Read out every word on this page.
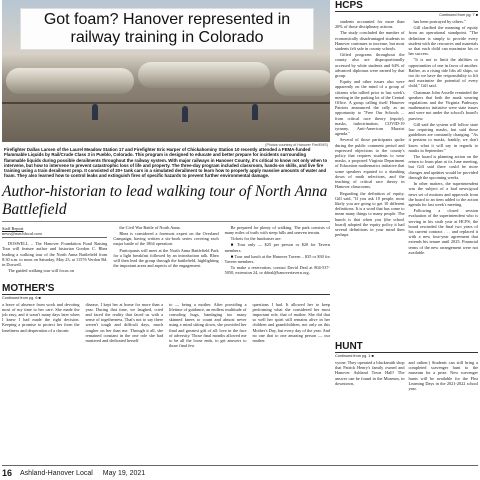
Got foam? Hanover represented in railway training in Colorado
(Photos courtesy of Hanover Fire/EMS)
Firefighter Dallas Larsen of the Laurel Meadow Station 17 and Firefighter Eric Harper of Chickahominy Station 10 recently attended a FEMA-funded Flammable Liquids by Rail/Crude Class 3 in Pueblo, Colorado. This program is designed to educate and better prepare for incidents surrounding flammable liquids during possible derailments throughout the railway system. With major railways in Hanover County, it's critical to know not only when to intervene, but how to intervene to prevent catastrophic loss of life and property. The three-day program included classroom, hands-on skills, and live fire training using a train derailment prop. It consisted of 20+ tank cars in a simulated derailment to learn how to properly apply massive amounts of water and foam. They also learned how to control leaks and extinguish fires of specific hazards to prevent further environmental damage.
Author-historian to lead walking tour of North Anna Battlefield
Staff Report
news@mechlocal.com

DOSWELL – The Hanover Foundation Fund Raising Tour will feature author and historian Gordon C. Rhea leading a walking tour of the North Anna Battlefield from 8:30 a.m. to noon on Saturday, May 23, at 11576 Verdon Rd. in Doswell.

The guided walking tour will focus on

the Civil War Battle of North Anna.

Rhea is considered a foremost expert on the Overland Campaign, having written a six-book series covering each major battle of the 1864 operation.

Participants will meet at the North Anna Battlefield Park for a light breakfast followed by an introduction talk. Rhea will then lead the group through the battlefield, highlighting the important areas and aspects of the engagement.

Be prepared for plenty of walking. The park consists of many miles of trails with steep hills and uneven terrain.

Tickets for the fundraiser are:

■ Tour only — $25 per person or $20 for Tavern members.

■ Tour and lunch at the Hanover Tavern – $35 or $30 for Tavern members.

To make a reservation, contact David Deal at 804-537-5050, extension 24, or ddeal@hanovertavern.org.

MOTHER'S
Continued from pg. 6 ■
a leave of absence from work and devoting most of my time to her care. She made the job easy, and it wasn't many days later when I knew I had made the right decision. Keeping a promise to protect her from the loneliness and desperation of a chronic
disease, I kept her at home for more than a year. During that time, we laughed, cried and faced the reality that faced us with a sense of togetherness. That's not to say there weren't tough and difficult days, much tougher on her than me. Through it all, she remained constant in the one role she had mastered and dedicated herself
to — being a mother. After providing a lifetime of guidance, an endless multitude of consoling hugs, bandaging too many skinned knees to count and almost never using a mind sitting down, she provided her final and greatest gift of all: love in the face of adversity. Those final months allowed me to be all the loose ends, to get answers to those final few
questions I had. It allowed her to keep performing what she considered her most important role, that of mother. She did that so well her spirit still remains alive in her children and grandchildren, not only on this Mother's Day, but every day of the year. And no one that to one amazing person — our mother.
HCPS
Continued from pg. 7 ■

students accounted for more than 20% of those disciplinary actions.

The study concluded the number of economically disadvantaged students in Hanover continues to increase, but most students felt safe in county schools.

Gifted programs throughout the county also are disproportionally accessed by white students and 64% of advanced diplomas were earned by that group.

Equity and other issues also were apparently on the mind of a group of citizens who rallied prior to last week's meeting in the parking lot of the Central Office. A group calling itself Hanover Patriots announced the rally as an opportunity to "Free Our Schools ... from critical race theory (equity), masks, indoctrination, COVID-19 tyranny, Anti-American Marxist agenda."

Several of those participants spoke during the public comment period and expressed objections to the county's policy that requires students to wear masks, a proposed Virginia Department of Education mathematics initiative that some speakers equated to a dumbing down of math selections, and the teaching of critical race theory in Hanover classrooms.

Regarding the definition of equity, Gill said, "If you ask 10 people, most likely you are going to get 10 different definitions. It is a word that has come to mean many things to many people. The hunch is that when you (the school board) adopted the equity policy it had several definitions in your mind then perhaps

has been portrayed by others."

Gill clarified the meaning of equity from an operational standpoint. "The definition is simply to provide every student with the resources and materials so that each child can maximize his or her success.

"It is not to limit the abilities or opportunities of one in favor of another. Rather, as a rising tide lifts all ships, so too do we have the responsibility to lift and maximize the potential of every child," Gill said.

Chairman John Axselle reminded the speakers that both the mask wearing regulations and the Virginia Pathways mathematics initiative were state issues and were not under the school's board's purview.

Gill said the system will follow state law requiring masks, but said those guidelines are constantly changing. "As it pertains to masks, frankly, we don't know what it will say in regards to masks in September."

The board is planning action on the return to learn plan at its June meeting, but Gill said there could be more changes and updates would be provided through the upcoming weeks.

In other matters, the superintendent was the subject of a bad news/good news set of motions and approvals from the board to an item added to the action agenda for last week's meeting.

Following a closed session evaluation of the superintendent who is serving in his sixth year at HCPS, the board rescinded the final two years of his current contract . . . and replaced it with a new four-year agreement that extends his tenure until 2025. Financial terms of the new arrangement were not available.

HUNT
Continued from pg. 1 ■
vyone. They operated a blacksmith shop that Patrick Henry's family owned and Hanover Ashland Town Hall! The answer can be found in the Museum, in downtown,
and online.) Students can still bring a completed scavenger hunt to the museum for a prize. New scavenger hunts will be available for the Flea Learning Days in the 2021-2022 school year.
16 Ashland-Hanover Local May 19, 2021
